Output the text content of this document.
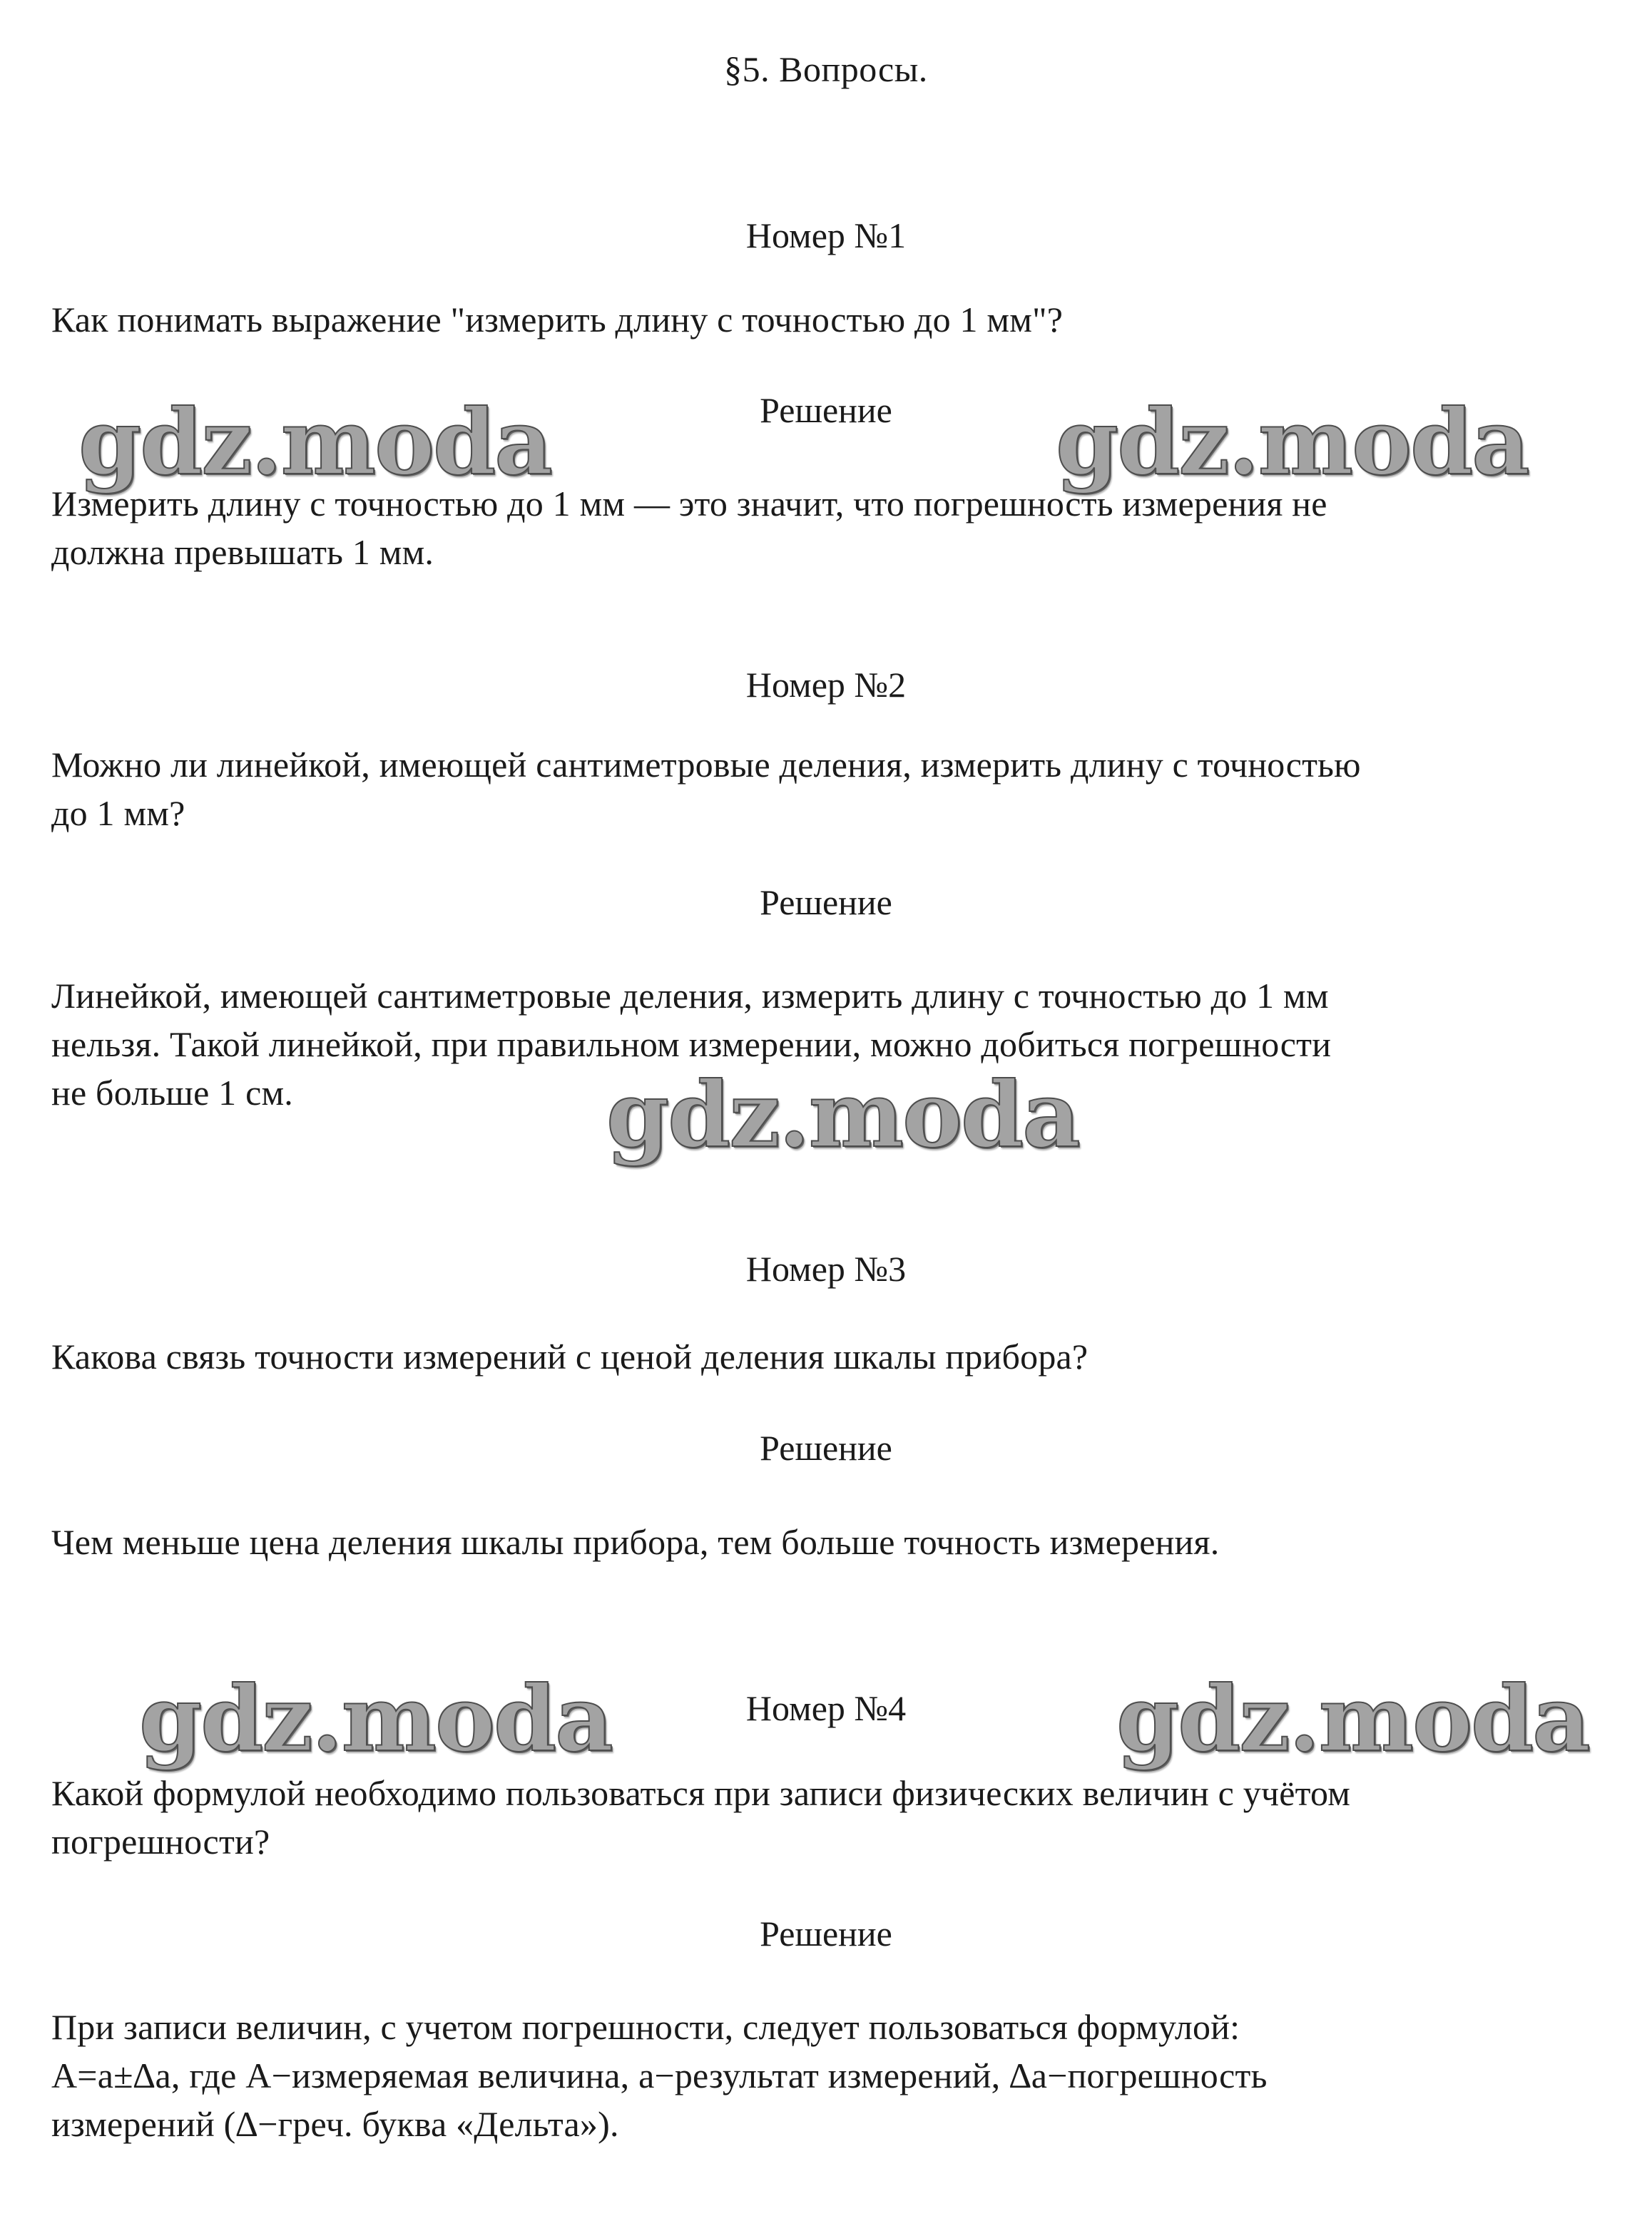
§5. Вопросы.
Номер №1
Как понимать выражение "измерить длину с точностью до 1 мм"?
Решение
Измерить длину с точностью до 1 мм — это значит, что погрешность измерения не
должна превышать 1 мм.
Номер №2
Можно ли линейкой, имеющей сантиметровые деления, измерить длину с точностью
до 1 мм?
Решение
Линейкой, имеющей сантиметровые деления, измерить длину с точностью до 1 мм
нельзя. Такой линейкой, при правильном измерении, можно добиться погрешности
не больше 1 см.
Номер №3
Какова связь точности измерений с ценой деления шкалы прибора?
Решение
Чем меньше цена деления шкалы прибора, тем больше точность измерения.
Номер №4
Какой формулой необходимо пользоваться при записи физических величин с учётом
погрешности?
Решение
При записи величин, с учетом погрешности, следует пользоваться формулой:
A=a±∆a, где A−измеряемая величина, a−результат измерений, ∆a−погрешность
измерений (∆−греч. буква «Дельта»).
gdz.moda	gdz.moda
gdz.moda
gdz.moda	gdz.moda
